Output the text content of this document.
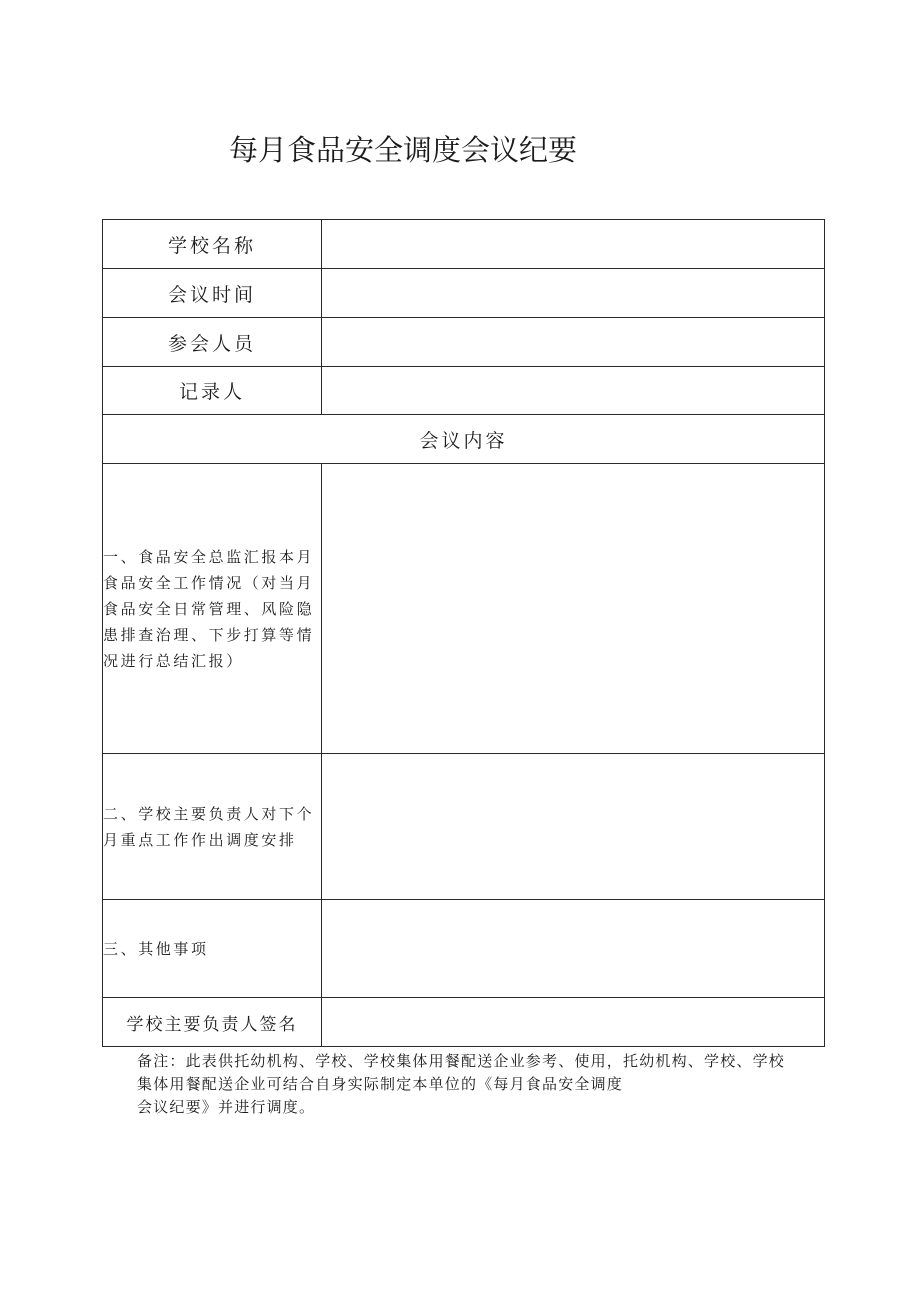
每月食品安全调度会议纪要
学校名称	
会议时间	
参会人员	
记录人	
会议内容	
一、食品安全总监汇报本月食品安全工作情况（对当月食品安全日常管理、风险隐患排查治理、下步打算等情况进行总结汇报）	
二、学校主要负责人对下个月重点工作作出调度安排	
三、其他事项	
学校主要负责人签名	
备注：此表供托幼机构、学校、学校集体用餐配送企业参考、使用，托幼机构、学校、学校
集体用餐配送企业可结合自身实际制定本单位的《每月食品安全调度
会议纪要》并进行调度。
